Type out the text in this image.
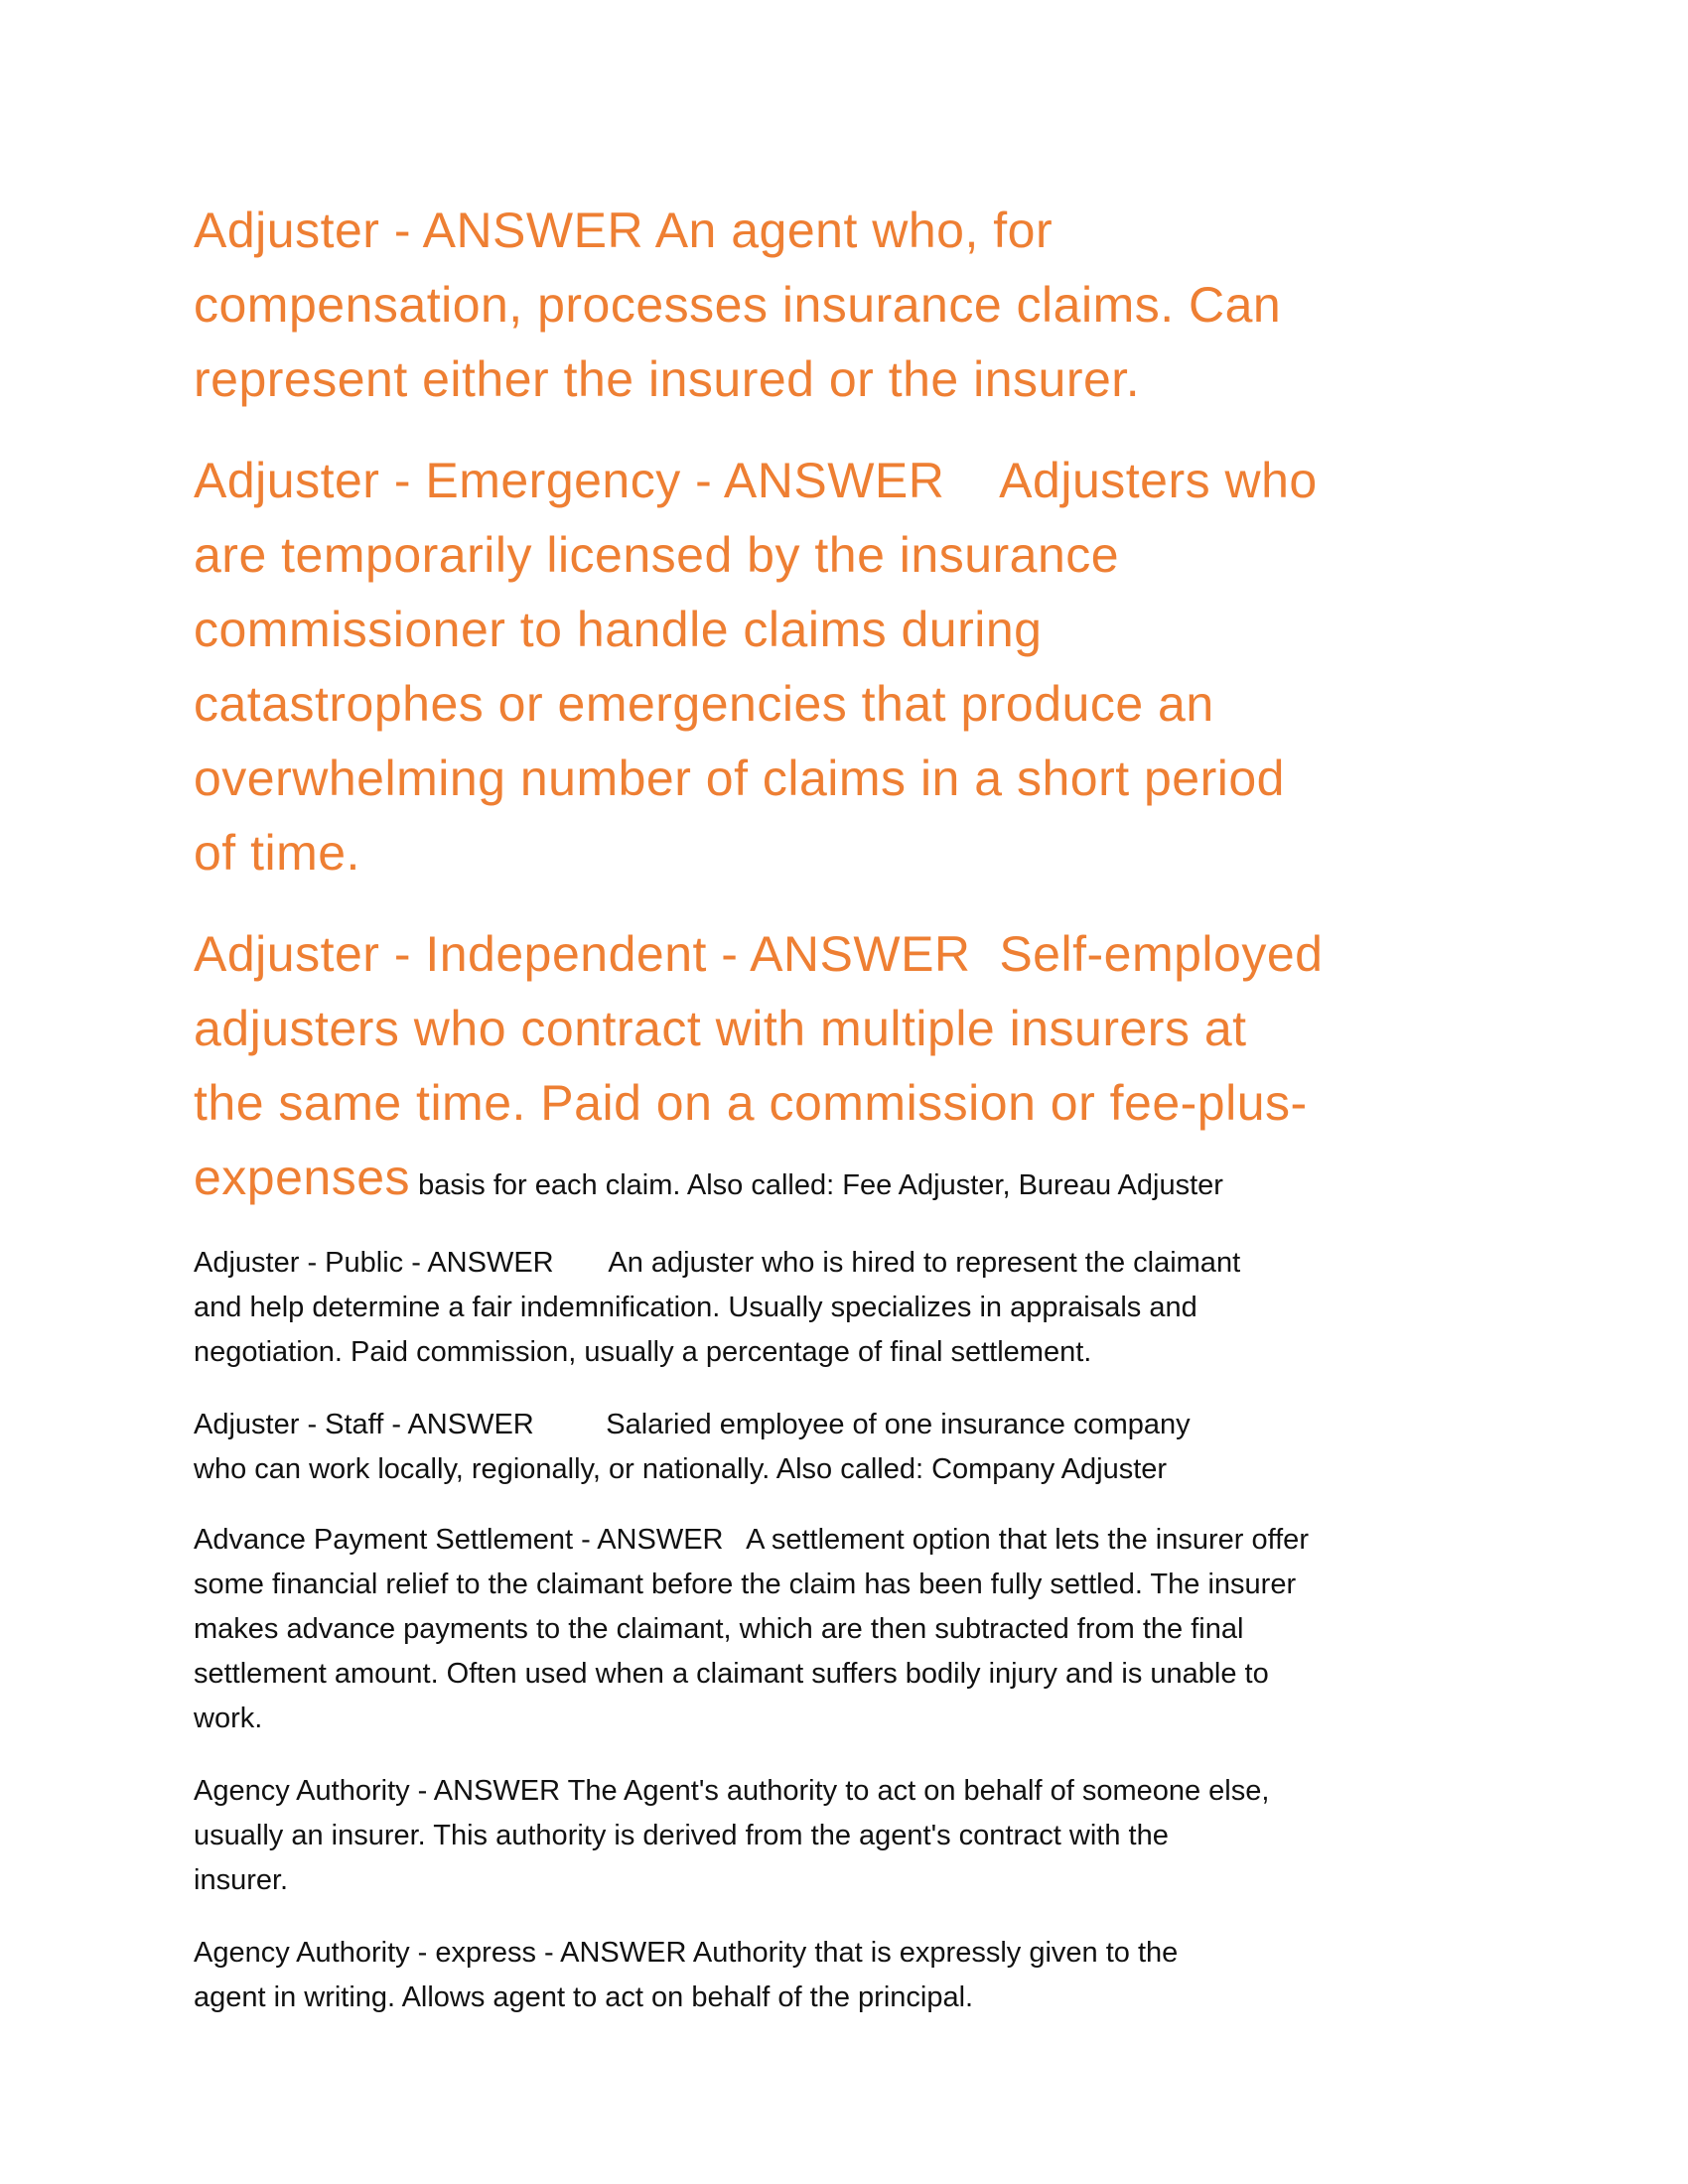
Adjuster - ANSWER An agent who, for
compensation, processes insurance claims. Can
represent either the insured or the insurer.
Adjuster - Emergency - ANSWER    Adjusters who
are temporarily licensed by the insurance
commissioner to handle claims during
catastrophes or emergencies that produce an
overwhelming number of claims in a short period
of time.
Adjuster - Independent - ANSWER  Self-employed
adjusters who contract with multiple insurers at
the same time. Paid on a commission or fee-plus-
expenses basis for each claim. Also called: Fee Adjuster, Bureau Adjuster
Adjuster - Public - ANSWER       An adjuster who is hired to represent the claimant
and help determine a fair indemnification. Usually specializes in appraisals and
negotiation. Paid commission, usually a percentage of final settlement.
Adjuster - Staff - ANSWER         Salaried employee of one insurance company
who can work locally, regionally, or nationally. Also called: Company Adjuster
Advance Payment Settlement - ANSWER   A settlement option that lets the insurer offer
some financial relief to the claimant before the claim has been fully settled. The insurer
makes advance payments to the claimant, which are then subtracted from the final
settlement amount. Often used when a claimant suffers bodily injury and is unable to
work.
Agency Authority - ANSWER The Agent's authority to act on behalf of someone else,
usually an insurer. This authority is derived from the agent's contract with the
insurer.
Agency Authority - express - ANSWER Authority that is expressly given to the
agent in writing. Allows agent to act on behalf of the principal.
